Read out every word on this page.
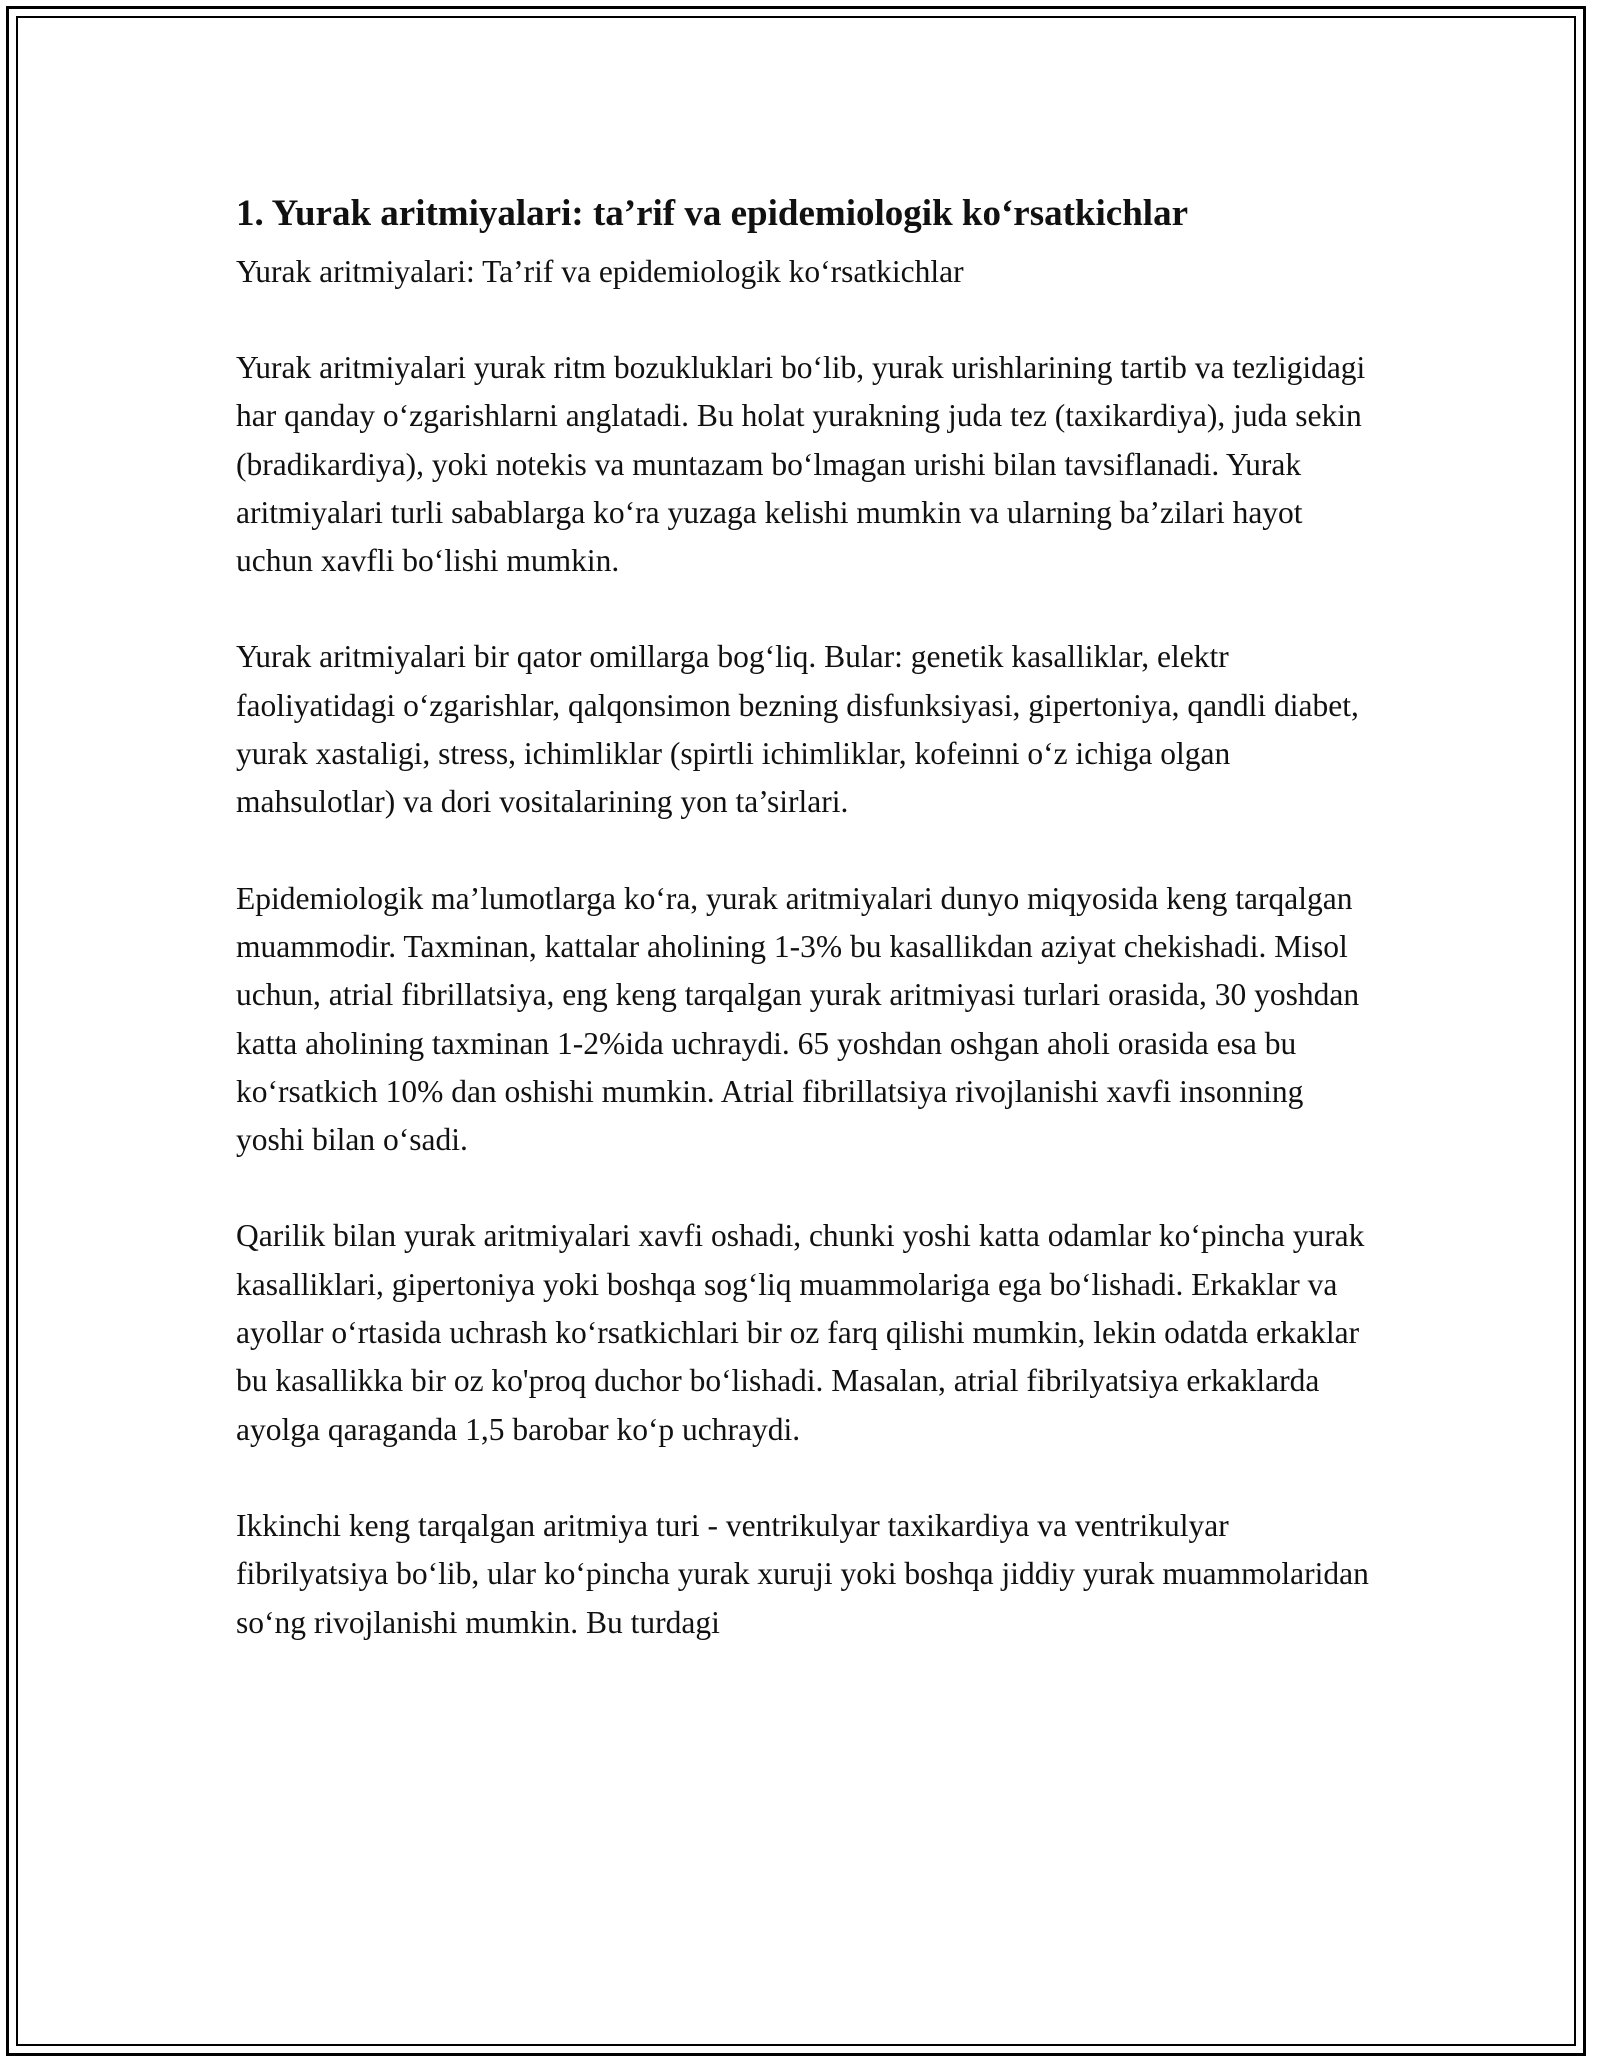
1. Yurak aritmiyalari: ta’rif va epidemiologik ko‘rsatkichlar
Yurak aritmiyalari: Ta’rif va epidemiologik ko‘rsatkichlar
Yurak aritmiyalari yurak ritm bozukluklari bo‘lib, yurak urishlarining tartib va tezligidagi har qanday o‘zgarishlarni anglatadi. Bu holat yurakning juda tez (taxikardiya), juda sekin (bradikardiya), yoki notekis va muntazam bo‘lmagan urishi bilan tavsiflanadi. Yurak aritmiyalari turli sabablarga ko‘ra yuzaga kelishi mumkin va ularning ba’zilari hayot uchun xavfli bo‘lishi mumkin.
Yurak aritmiyalari bir qator omillarga bog‘liq. Bular: genetik kasalliklar, elektr faoliyatidagi o‘zgarishlar, qalqonsimon bezning disfunksiyasi, gipertoniya, qandli diabet, yurak xastaligi, stress, ichimliklar (spirtli ichimliklar, kofeinni o‘z ichiga olgan mahsulotlar) va dori vositalarining yon ta’sirlari.
Epidemiologik ma’lumotlarga ko‘ra, yurak aritmiyalari dunyo miqyosida keng tarqalgan muammodir. Taxminan, kattalar aholining 1-3% bu kasallikdan aziyat chekishadi. Misol uchun, atrial fibrillatsiya, eng keng tarqalgan yurak aritmiyasi turlari orasida, 30 yoshdan katta aholining taxminan 1-2%ida uchraydi. 65 yoshdan oshgan aholi orasida esa bu ko‘rsatkich 10% dan oshishi mumkin. Atrial fibrillatsiya rivojlanishi xavfi insonning yoshi bilan o‘sadi.
Qarilik bilan yurak aritmiyalari xavfi oshadi, chunki yoshi katta odamlar ko‘pincha yurak kasalliklari, gipertoniya yoki boshqa sog‘liq muammolariga ega bo‘lishadi. Erkaklar va ayollar o‘rtasida uchrash ko‘rsatkichlari bir oz farq qilishi mumkin, lekin odatda erkaklar bu kasallikka bir oz ko'proq duchor bo‘lishadi. Masalan, atrial fibrilyatsiya erkaklarda ayolga qaraganda 1,5 barobar ko‘p uchraydi.
Ikkinchi keng tarqalgan aritmiya turi - ventrikulyar taxikardiya va ventrikulyar fibrilyatsiya bo‘lib, ular ko‘pincha yurak xuruji yoki boshqa jiddiy yurak muammolaridan so‘ng rivojlanishi mumkin. Bu turdagi
